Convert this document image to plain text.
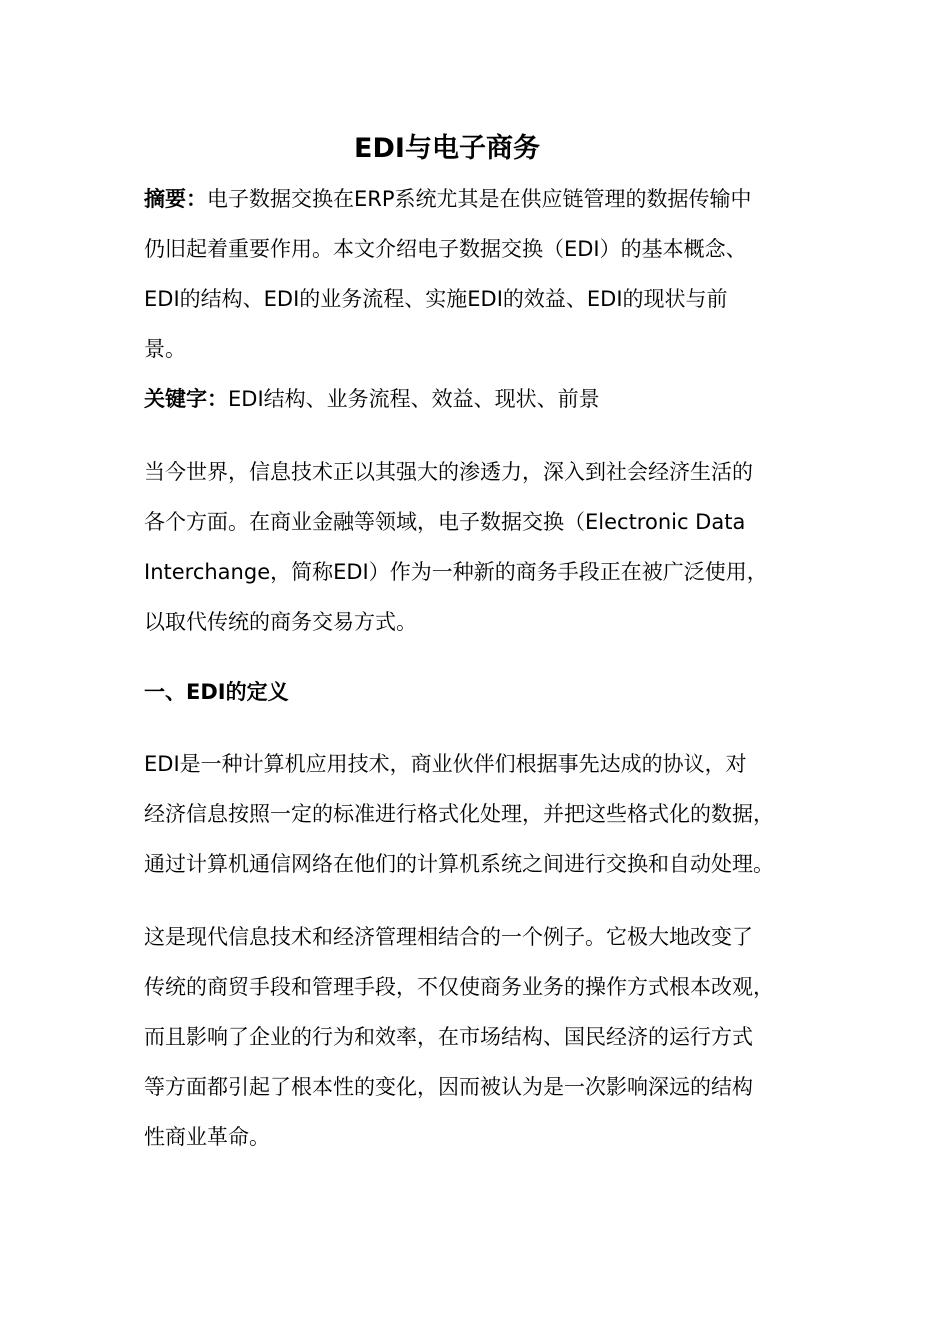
EDI与电子商务
摘要：电子数据交换在ERP系统尤其是在供应链管理的数据传输中
仍旧起着重要作用。本文介绍电子数据交换（EDI）的基本概念、
EDI的结构、EDI的业务流程、实施EDI的效益、EDI的现状与前
景。
关键字：EDI结构、业务流程、效益、现状、前景
当今世界，信息技术正以其强大的渗透力，深入到社会经济生活的
各个方面。在商业金融等领域，电子数据交换（Electronic Data
Interchange，简称EDI）作为一种新的商务手段正在被广泛使用，
以取代传统的商务交易方式。
一、EDI的定义
EDI是一种计算机应用技术，商业伙伴们根据事先达成的协议，对
经济信息按照一定的标准进行格式化处理，并把这些格式化的数据，
通过计算机通信网络在他们的计算机系统之间进行交换和自动处理。
这是现代信息技术和经济管理相结合的一个例子。它极大地改变了
传统的商贸手段和管理手段，不仅使商务业务的操作方式根本改观，
而且影响了企业的行为和效率，在市场结构、国民经济的运行方式
等方面都引起了根本性的变化，因而被认为是一次影响深远的结构
性商业革命。
